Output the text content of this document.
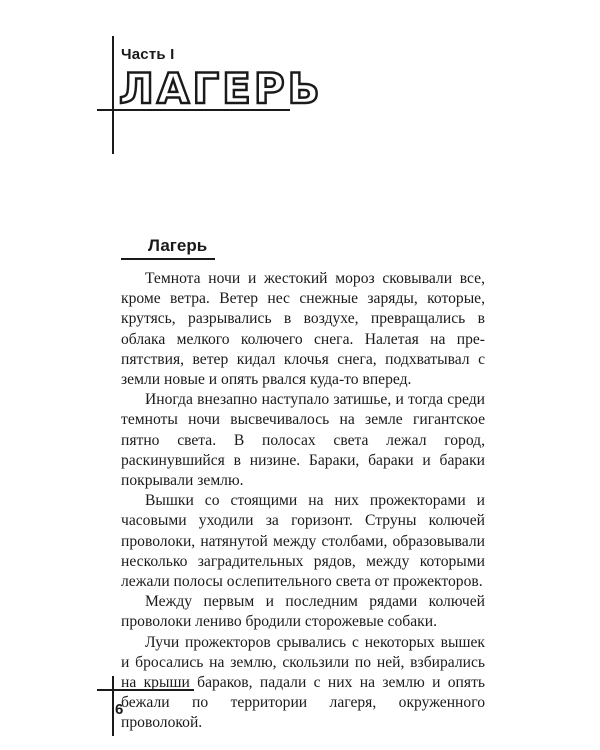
Часть I
ЛАГЕРЬ
Лагерь

Темнота ночи и жестокий мороз сковывали все, кроме ветра. Ветер нес снежные заряды, которые, крутясь, разрывались в воздухе, превращались в облака мелкого колючего снега. Налетая на препятствия, ветер кидал клочья снега, подхватывал с земли новые и опять рвался куда-то вперед.

Иногда внезапно наступало затишье, и тогда среди темноты ночи высвечивалось на земле гигантское пятно света. В полосах света лежал город, раскинувшийся в низине. Бараки, бараки и бараки покрывали землю.

Вышки со стоящими на них прожекторами и часовыми уходили за горизонт. Струны колючей проволоки, натянутой между столбами, образовывали несколько заградительных рядов, между которыми лежали полосы ослепительного света от прожекторов.

Между первым и последним рядами колючей проволоки лениво бродили сторожевые собаки.

Лучи прожекторов срывались с некоторых вышек и бросались на землю, скользили по ней, взбирались на крыши бараков, падали с них на землю и опять бежали по территории лагеря, окруженного проволокой.

6
